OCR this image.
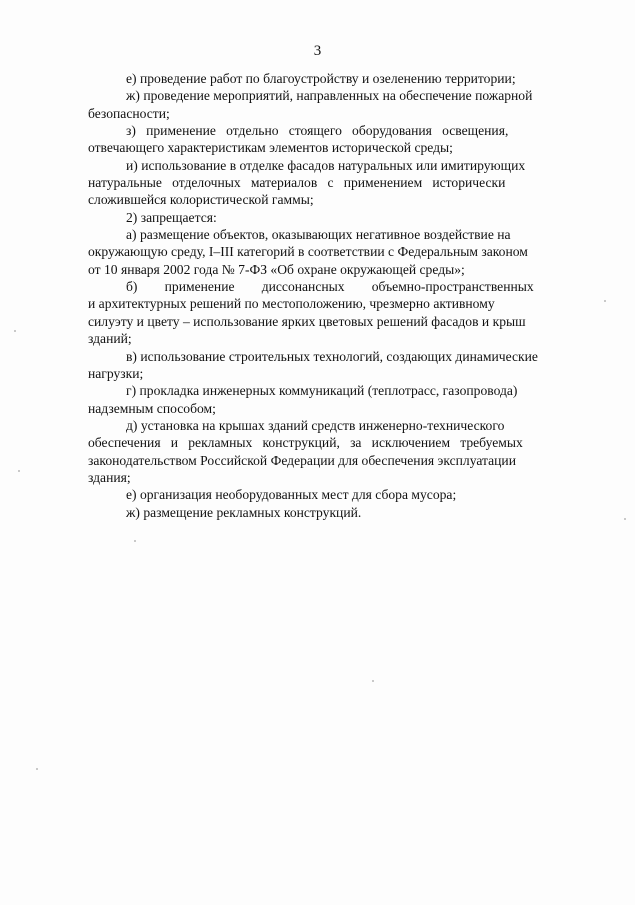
3
е) проведение работ по благоустройству и озеленению территории;
ж) проведение мероприятий, направленных на обеспечение пожарной
безопасности;
з)   применение   отдельно   стоящего   оборудования   освещения,
отвечающего характеристикам элементов исторической среды;
и) использование в отделке фасадов натуральных или имитирующих
натуральные   отделочных   материалов   с   применением   исторически
сложившейся колористической гаммы;
2) запрещается:
а) размещение объектов, оказывающих негативное воздействие на
окружающую среду, I–III категорий в соответствии с Федеральным законом
от 10 января 2002 года № 7-ФЗ «Об охране окружающей среды»;
б)        применение        диссонансных        объемно-пространственных
и архитектурных решений по местоположению, чрезмерно активному
силуэту и цвету – использование ярких цветовых решений фасадов и крыш
зданий;
в) использование строительных технологий, создающих динамические
нагрузки;
г) прокладка инженерных коммуникаций (теплотрасс, газопровода)
надземным способом;
д) установка на крышах зданий средств инженерно-технического
обеспечения   и   рекламных   конструкций,   за   исключением   требуемых
законодательством Российской Федерации для обеспечения эксплуатации
здания;
е) организация необорудованных мест для сбора мусора;
ж) размещение рекламных конструкций.
